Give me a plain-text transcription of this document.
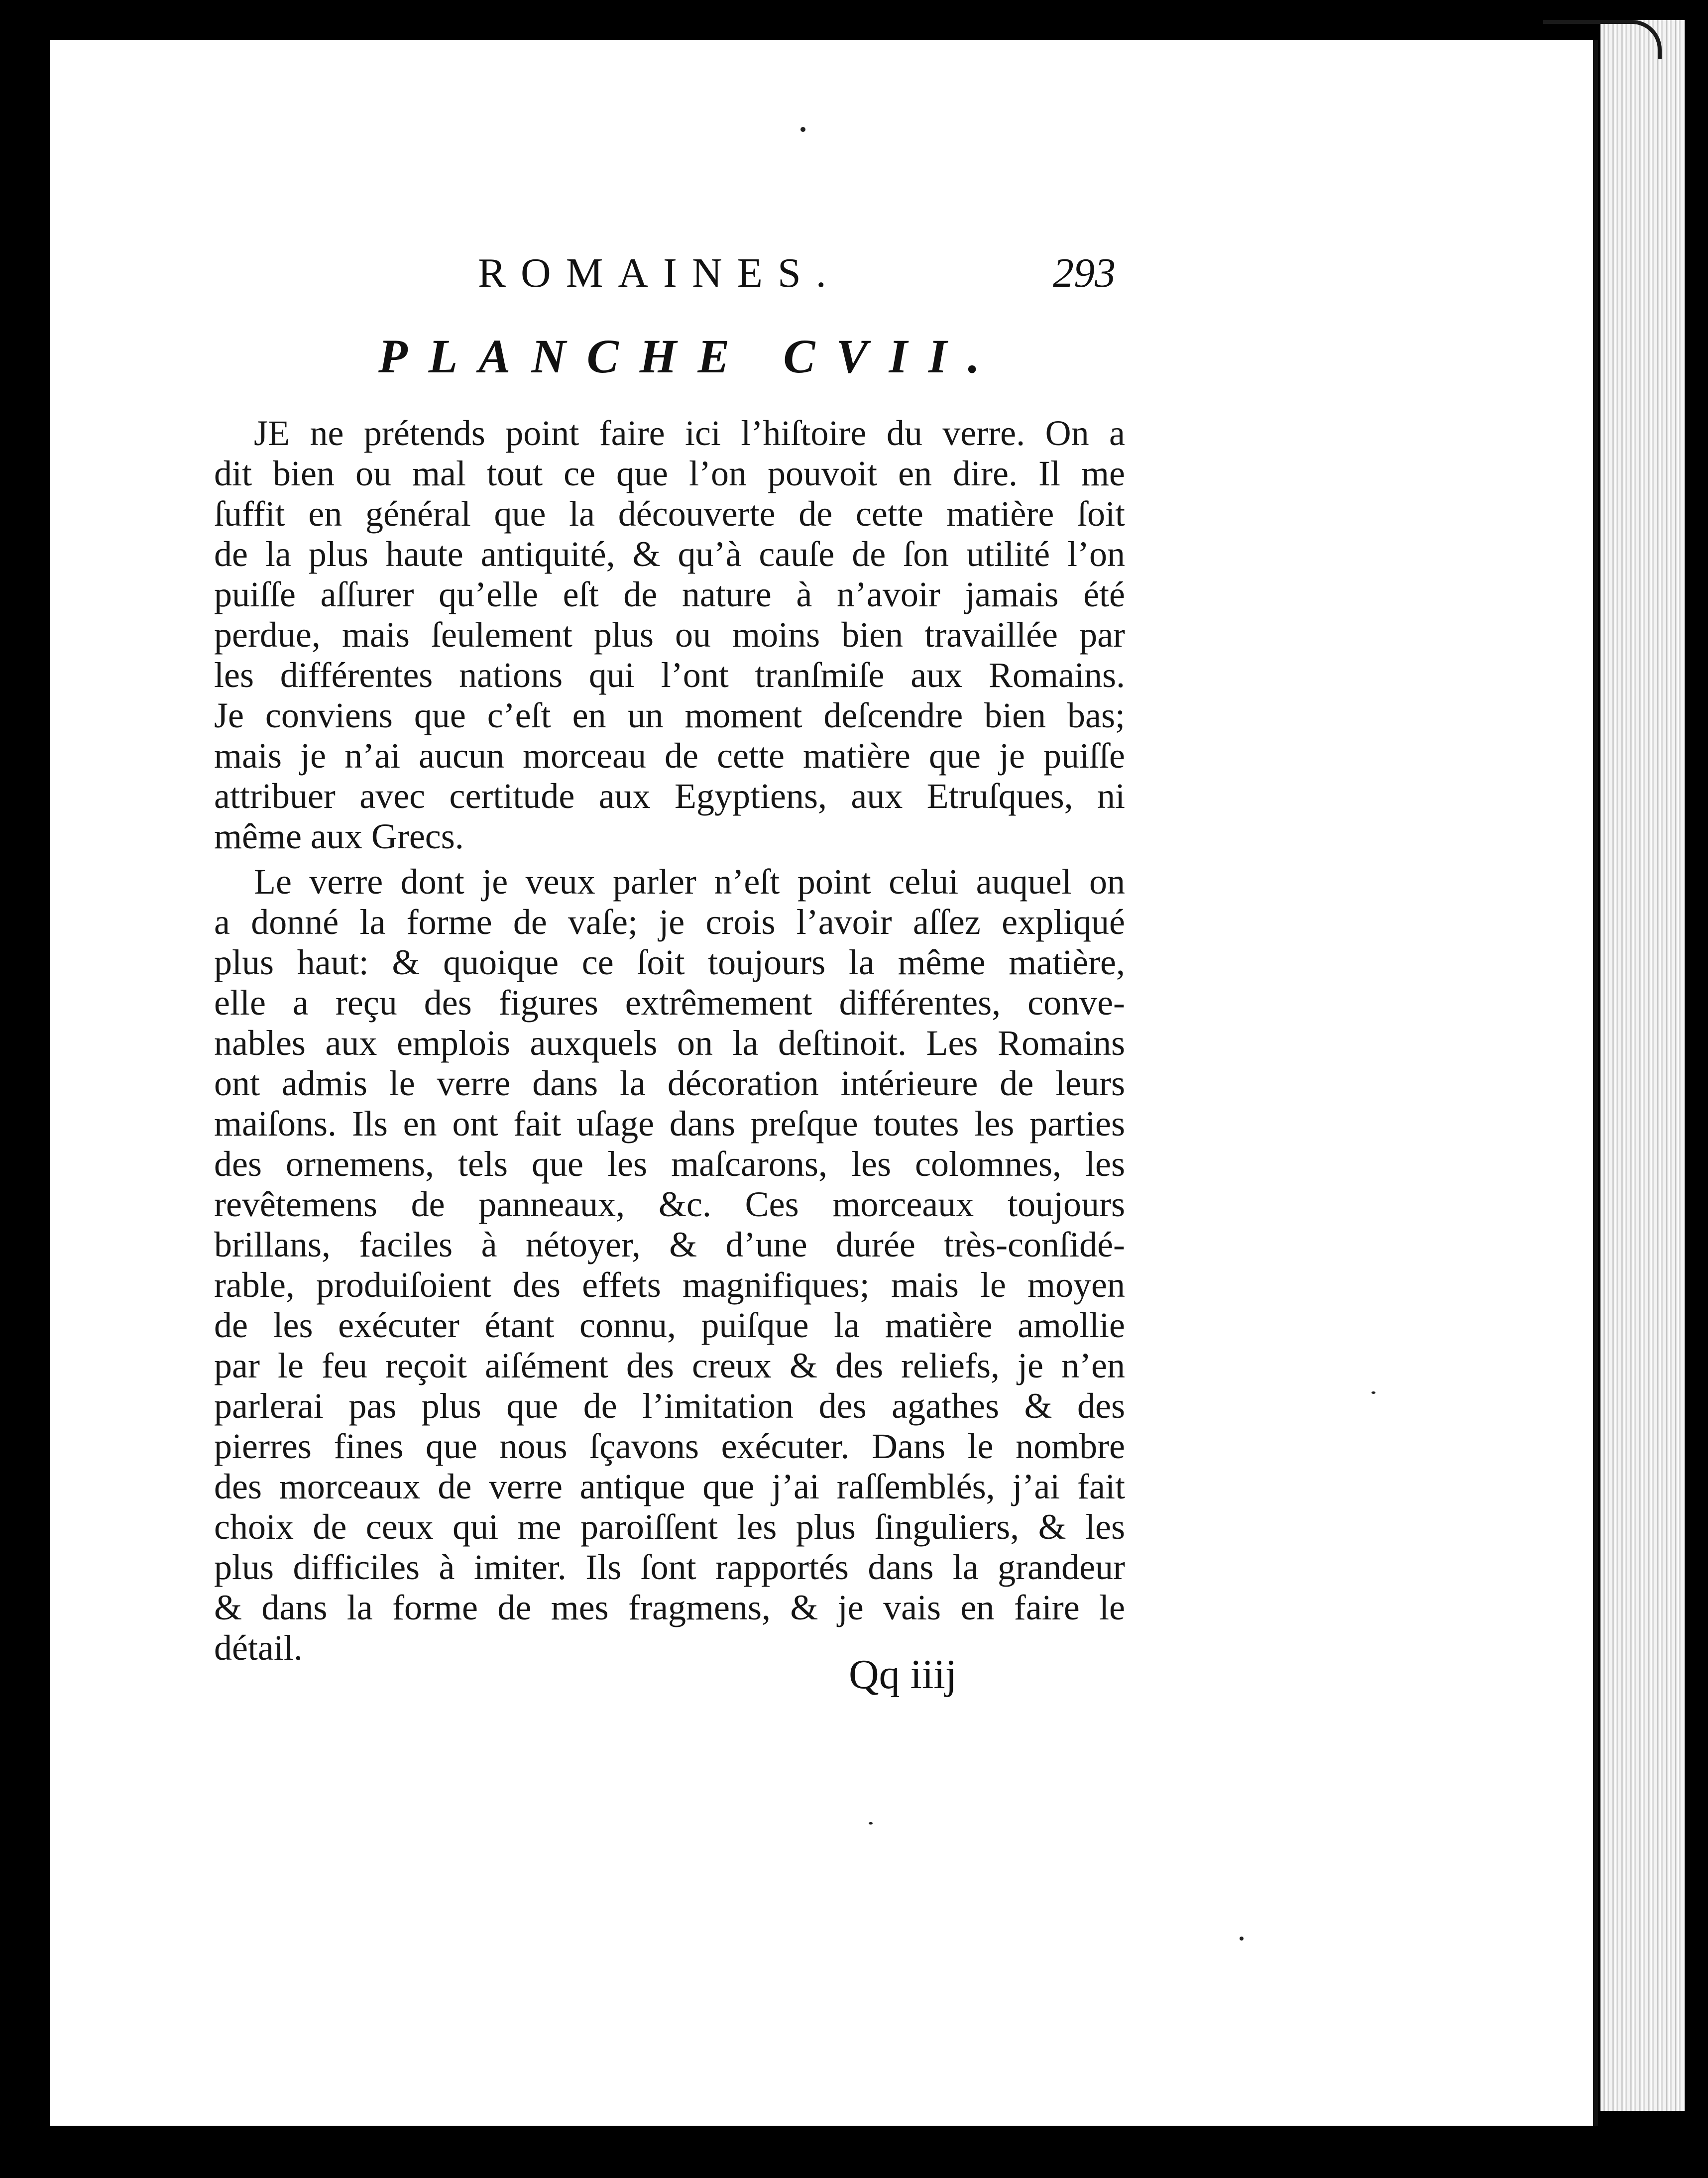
ROMAINES.	293
PLANCHE CVII.
JE ne prétends point faire ici l’hiſtoire du verre. On a
dit bien ou mal tout ce que l’on pouvoit en dire. Il me
ſuffit en général que la découverte de cette matière ſoit
de la plus haute antiquité, & qu’à cauſe de ſon utilité l’on
puiſſe aſſurer qu’elle eſt de nature à n’avoir jamais été
perdue, mais ſeulement plus ou moins bien travaillée par
les différentes nations qui l’ont tranſmiſe aux Romains.
Je conviens que c’eſt en un moment deſcendre bien bas;
mais je n’ai aucun morceau de cette matière que je puiſſe
attribuer avec certitude aux Egyptiens, aux Etruſques, ni
même aux Grecs.
Le verre dont je veux parler n’eſt point celui auquel on
a donné la forme de vaſe; je crois l’avoir aſſez expliqué
plus haut: & quoique ce ſoit toujours la même matière,
elle a reçu des figures extrêmement différentes, conve-
nables aux emplois auxquels on la deſtinoit. Les Romains
ont admis le verre dans la décoration intérieure de leurs
maiſons. Ils en ont fait uſage dans preſque toutes les parties
des ornemens, tels que les maſcarons, les colomnes, les
revêtemens de panneaux, &c. Ces morceaux toujours
brillans, faciles à nétoyer, & d’une durée très-conſidé-
rable, produiſoient des effets magnifiques; mais le moyen
de les exécuter étant connu, puiſque la matière amollie
par le feu reçoit aiſément des creux & des reliefs, je n’en
parlerai pas plus que de l’imitation des agathes & des
pierres fines que nous ſçavons exécuter. Dans le nombre
des morceaux de verre antique que j’ai raſſemblés, j’ai fait
choix de ceux qui me paroiſſent les plus ſinguliers, & les
plus difficiles à imiter. Ils ſont rapportés dans la grandeur
& dans la forme de mes fragmens, & je vais en faire le
détail.
Qq iiij
